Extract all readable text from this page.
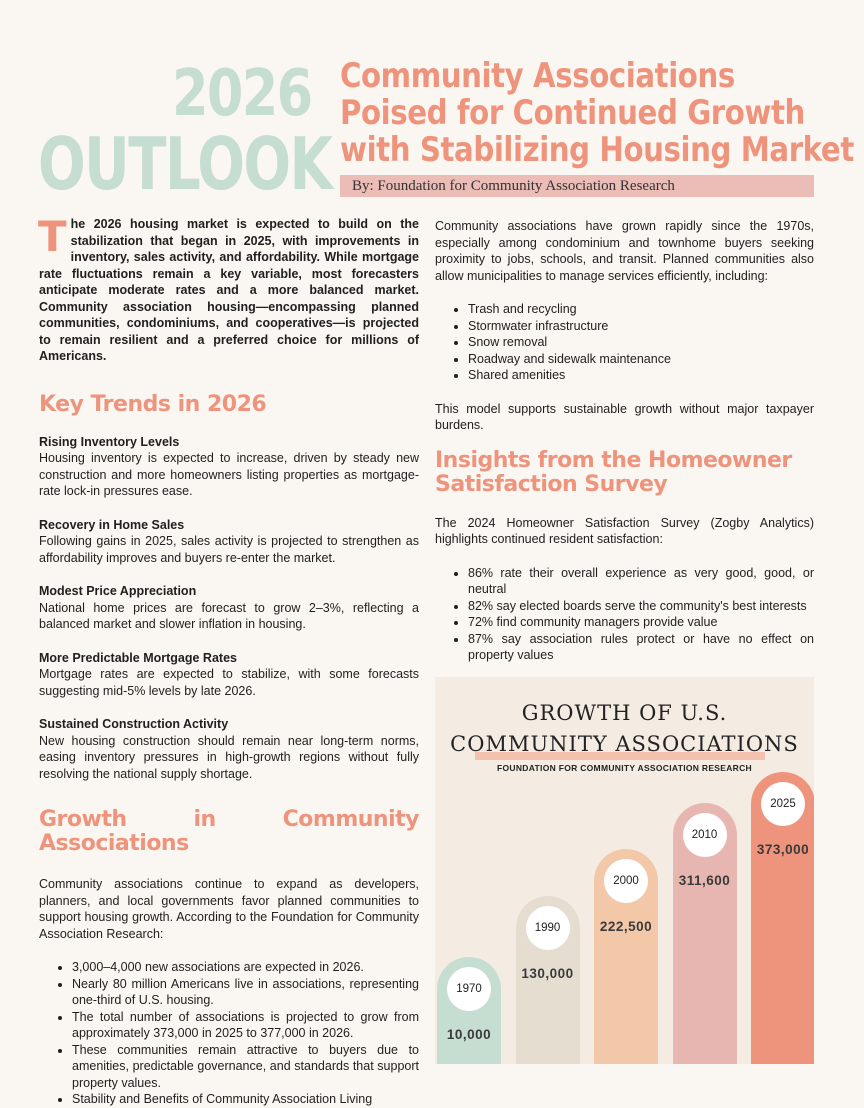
2026
OUTLOOK
Community Associations
Poised for Continued Growth
with Stabilizing Housing Market
By: Foundation for Community Association Research
The 2026 housing market is expected to build on the stabilization that began in 2025, with improvements in inventory, sales activity, and affordability. While mortgage rate fluctuations remain a key variable, most forecasters anticipate moderate rates and a more balanced market. Community association housing—encompassing planned communities, condominiums, and cooperatives—is projected to remain resilient and a preferred choice for millions of Americans.
Key Trends in 2026

Rising Inventory Levels

Housing inventory is expected to increase, driven by steady new construction and more homeowners listing properties as mortgage-rate lock-in pressures ease.

Recovery in Home Sales

Following gains in 2025, sales activity is projected to strengthen as affordability improves and buyers re-enter the market.

Modest Price Appreciation

National home prices are forecast to grow 2–3%, reflecting a balanced market and slower inflation in housing.

More Predictable Mortgage Rates

Mortgage rates are expected to stabilize, with some forecasts suggesting mid-5% levels by late 2026.

Sustained Construction Activity

New housing construction should remain near long-term norms, easing inventory pressures in high-growth regions without fully resolving the national supply shortage.

Growth in Community Associations

Community associations continue to expand as developers, planners, and local governments favor planned communities to support housing growth. According to the Foundation for Community Association Research:

• 3,000–4,000 new associations are expected in 2026.
• Nearly 80 million Americans live in associations, representing one-third of U.S. housing.
• The total number of associations is projected to grow from approximately 373,000 in 2025 to 377,000 in 2026.
• These communities remain attractive to buyers due to amenities, predictable governance, and standards that support property values.
• Stability and Benefits of Community Association Living

Community associations have grown rapidly since the 1970s, especially among condominium and townhome buyers seeking proximity to jobs, schools, and transit. Planned communities also allow municipalities to manage services efficiently, including:

• Trash and recycling
• Stormwater infrastructure
• Snow removal
• Roadway and sidewalk maintenance
• Shared amenities

This model supports sustainable growth without major taxpayer burdens.

Insights from the Homeowner
Satisfaction Survey

The 2024 Homeowner Satisfaction Survey (Zogby Analytics) highlights continued resident satisfaction:

• 86% rate their overall experience as very good, good, or neutral
• 82% say elected boards serve the community's best interests
• 72% find community managers provide value
• 87% say association rules protect or have no effect on property values

GROWTH OF U.S.
COMMUNITY ASSOCIATIONS
FOUNDATION FOR COMMUNITY ASSOCIATION RESEARCH
1970
10,000
1990
130,000
2000
222,500
2010
311,600
2025
373,000
